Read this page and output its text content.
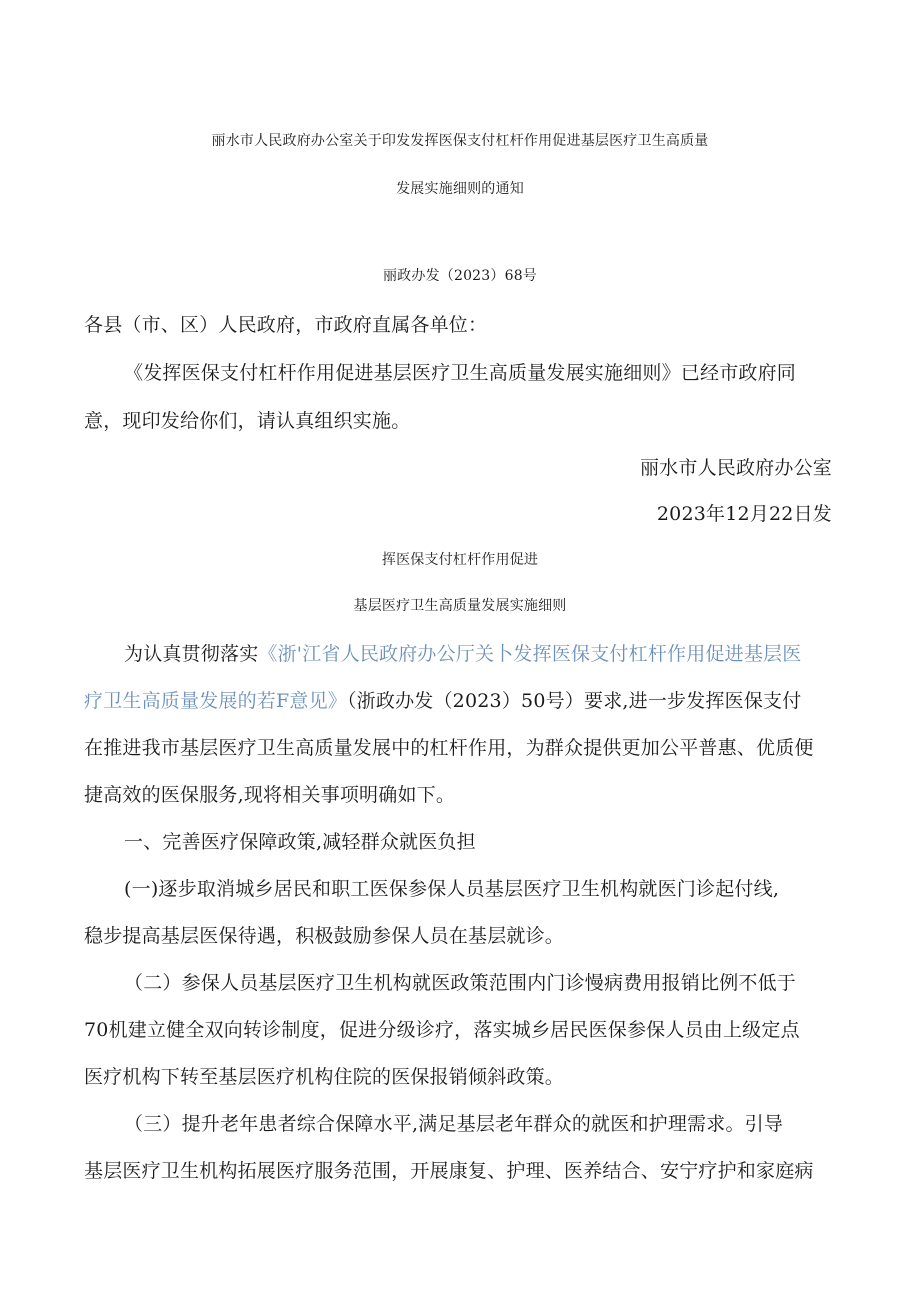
丽水市人民政府办公室关于印发发挥医保支付杠杆作用促进基层医疗卫生高质量
发展实施细则的通知
丽政办发（2023）68号
各县（市、区）人民政府，市政府直属各单位：
《发挥医保支付杠杆作用促进基层医疗卫生高质量发展实施细则》已经市政府同
意，现印发给你们，请认真组织实施。
丽水市人民政府办公室
2023年12月22日发
挥医保支付杠杆作用促进
基层医疗卫生高质量发展实施细则
为认真贯彻落实《浙'江省人民政府办公厅关卜发挥医保支付杠杆作用促进基层医
疗卫生高质量发展的若F意见》（浙政办发（2023）50号）要求,进一步发挥医保支付
在推进我市基层医疗卫生高质量发展中的杠杆作用，为群众提供更加公平普惠、优质便
捷高效的医保服务,现将相关事项明确如下。
一、完善医疗保障政策,减轻群众就医负担
(一)逐步取消城乡居民和职工医保参保人员基层医疗卫生机构就医门诊起付线,
稳步提高基层医保待遇，积极鼓励参保人员在基层就诊。
（二）参保人员基层医疗卫生机构就医政策范围内门诊慢病费用报销比例不低于
70机建立健全双向转诊制度，促进分级诊疗，落实城乡居民医保参保人员由上级定点
医疗机构下转至基层医疗机构住院的医保报销倾斜政策。
（三）提升老年患者综合保障水平,满足基层老年群众的就医和护理需求。引导
基层医疗卫生机构拓展医疗服务范围，开展康复、护理、医养结合、安宁疗护和家庭病
